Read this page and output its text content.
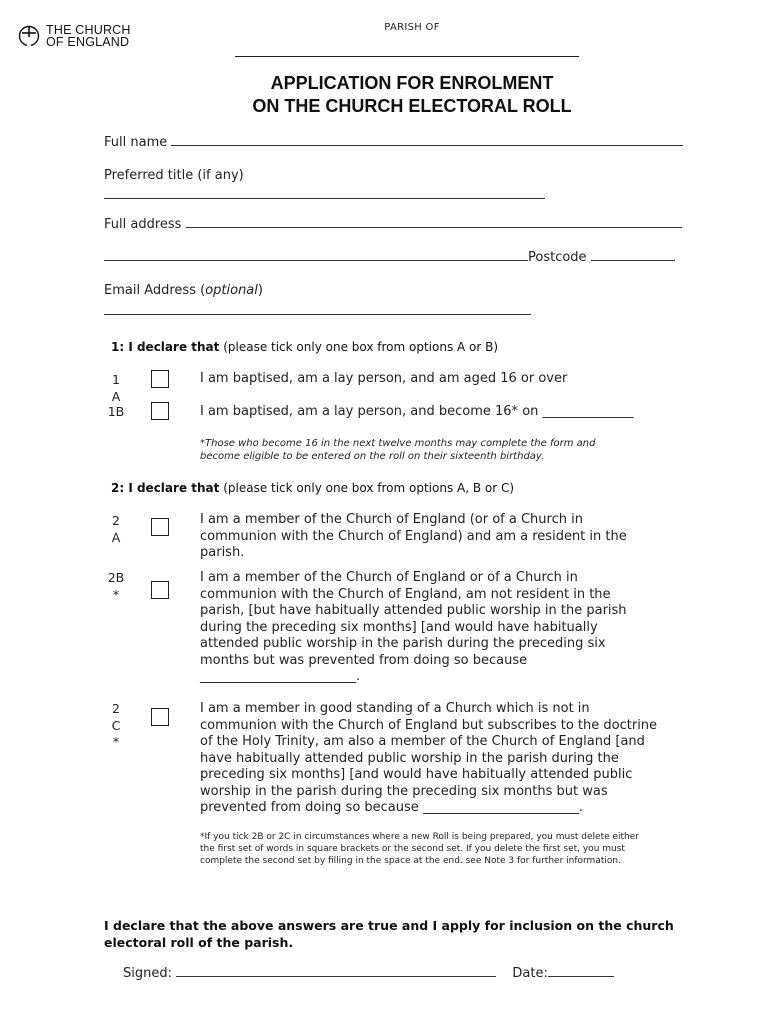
THE CHURCH
OF ENGLAND
PARISH OF
APPLICATION FOR ENROLMENT
ON THE CHURCH ELECTORAL ROLL
Full name
Preferred title (if any)
Full address
Postcode
Email Address (optional)
1: I declare that (please tick only one box from options A or B)
1
A
I am baptised, am a lay person, and am aged 16 or over
1B	I am baptised, am a lay person, and become 16* on ______________
*Those who become 16 in the next twelve months may complete the form and
become eligible to be entered on the roll on their sixteenth birthday.
2: I declare that (please tick only one box from options A, B or C)
2
A
I am a member of the Church of England (or of a Church in
communion with the Church of England) and am a resident in the
parish.
2B
*
I am a member of the Church of England or of a Church in
communion with the Church of England, am not resident in the
parish, [but have habitually attended public worship in the parish
during the preceding six months] [and would have habitually
attended public worship in the parish during the preceding six
months but was prevented from doing so because
________________________.
2
C
*
I am a member in good standing of a Church which is not in
communion with the Church of England but subscribes to the doctrine
of the Holy Trinity, am also a member of the Church of England [and
have habitually attended public worship in the parish during the
preceding six months] [and would have habitually attended public
worship in the parish during the preceding six months but was
prevented from doing so because ________________________.
*If you tick 2B or 2C in circumstances where a new Roll is being prepared, you must delete either
the first set of words in square brackets or the second set. If you delete the first set, you must
complete the second set by filling in the space at the end. see Note 3 for further information.
I declare that the above answers are true and I apply for inclusion on the church
electoral roll of the parish.
Signed:	Date:
